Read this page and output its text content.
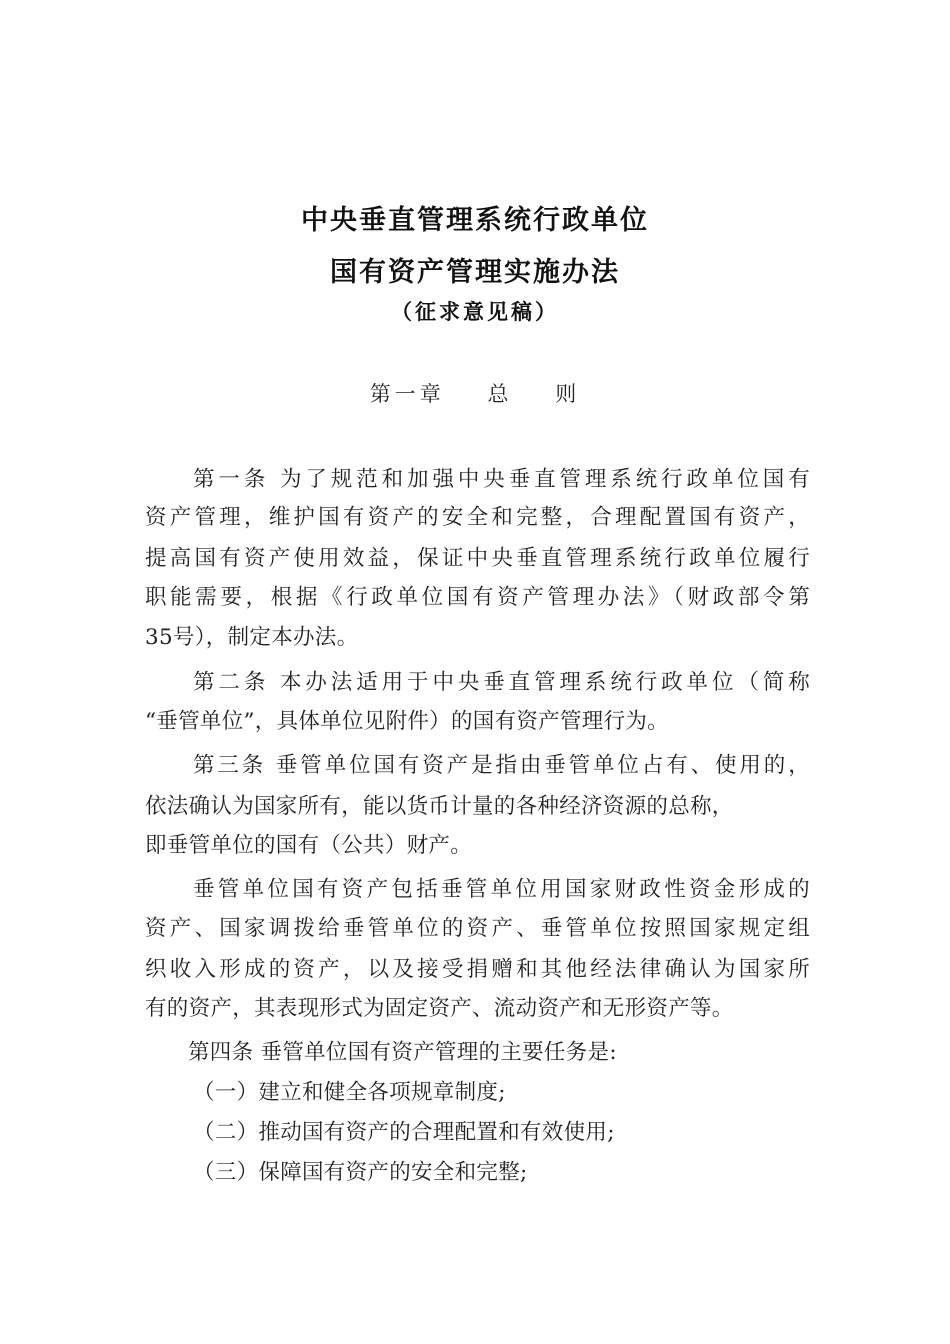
中央垂直管理系统行政单位
国有资产管理实施办法
（征求意见稿）
第一章    总    则
第一条 为了规范和加强中央垂直管理系统行政单位国有
资产管理，维护国有资产的安全和完整，合理配置国有资产，
提高国有资产使用效益，保证中央垂直管理系统行政单位履行
职能需要，根据《行政单位国有资产管理办法》（财政部令第
35号），制定本办法。
第二条 本办法适用于中央垂直管理系统行政单位（简称
“垂管单位”，具体单位见附件）的国有资产管理行为。
第三条 垂管单位国有资产是指由垂管单位占有、使用的，
依法确认为国家所有，能以货币计量的各种经济资源的总称，
即垂管单位的国有（公共）财产。
垂管单位国有资产包括垂管单位用国家财政性资金形成的
资产、国家调拨给垂管单位的资产、垂管单位按照国家规定组
织收入形成的资产，以及接受捐赠和其他经法律确认为国家所
有的资产，其表现形式为固定资产、流动资产和无形资产等。
第四条 垂管单位国有资产管理的主要任务是:
（一）建立和健全各项规章制度;
（二）推动国有资产的合理配置和有效使用;
（三）保障国有资产的安全和完整;
